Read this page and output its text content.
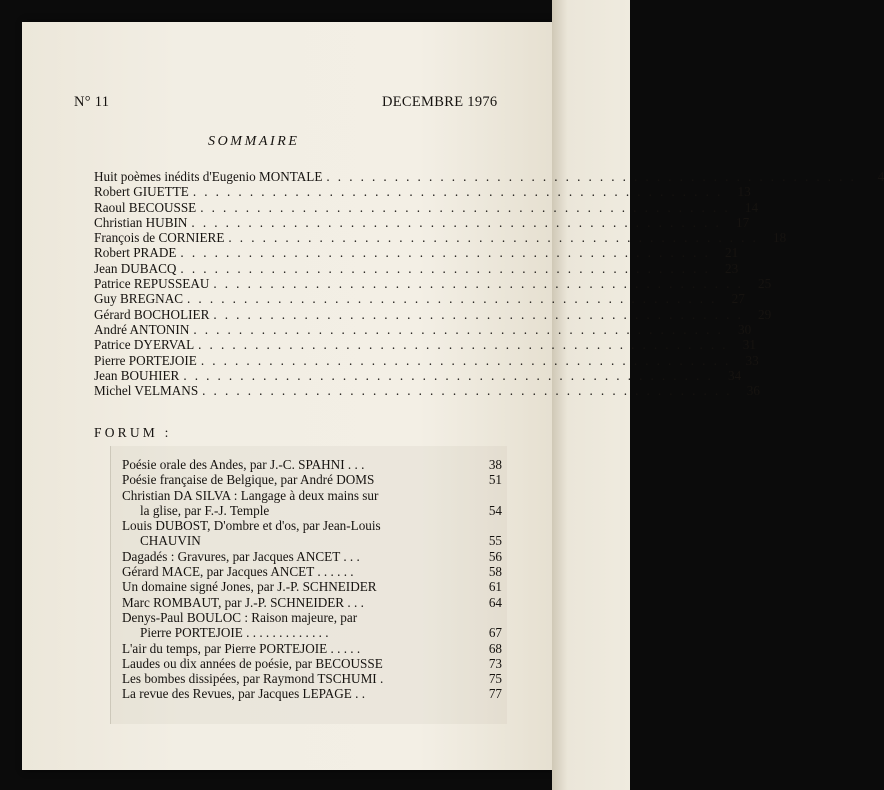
N° 11	DECEMBRE 1976
SOMMAIRE
Huit poèmes inédits d'Eugenio MONTALE . . . . . . . . . . . . . . . . . . . . . . . . . . . . . . . . . . . . . . . . . . . . . . .	4
Robert GIUETTE . . . . . . . . . . . . . . . . . . . . . . . . . . . . . . . . . . . . . . . . . . . . . . .	13
Raoul BECOUSSE . . . . . . . . . . . . . . . . . . . . . . . . . . . . . . . . . . . . . . . . . . . . . . .	14
Christian HUBIN . . . . . . . . . . . . . . . . . . . . . . . . . . . . . . . . . . . . . . . . . . . . . . .	17
François de CORNIERE . . . . . . . . . . . . . . . . . . . . . . . . . . . . . . . . . . . . . . . . . . . . . . .	18
Robert PRADE . . . . . . . . . . . . . . . . . . . . . . . . . . . . . . . . . . . . . . . . . . . . . . .	21
Jean DUBACQ . . . . . . . . . . . . . . . . . . . . . . . . . . . . . . . . . . . . . . . . . . . . . . .	23
Patrice REPUSSEAU . . . . . . . . . . . . . . . . . . . . . . . . . . . . . . . . . . . . . . . . . . . . . . .	25
Guy BREGNAC . . . . . . . . . . . . . . . . . . . . . . . . . . . . . . . . . . . . . . . . . . . . . . .	27
Gérard BOCHOLIER . . . . . . . . . . . . . . . . . . . . . . . . . . . . . . . . . . . . . . . . . . . . . . .	29
André ANTONIN . . . . . . . . . . . . . . . . . . . . . . . . . . . . . . . . . . . . . . . . . . . . . . .	30
Patrice DYERVAL . . . . . . . . . . . . . . . . . . . . . . . . . . . . . . . . . . . . . . . . . . . . . . .	31
Pierre PORTEJOIE . . . . . . . . . . . . . . . . . . . . . . . . . . . . . . . . . . . . . . . . . . . . . . .	33
Jean BOUHIER . . . . . . . . . . . . . . . . . . . . . . . . . . . . . . . . . . . . . . . . . . . . . . .	34
Michel VELMANS . . . . . . . . . . . . . . . . . . . . . . . . . . . . . . . . . . . . . . . . . . . . . . .	36
FORUM :
Poésie orale des Andes, par J.-C. SPAHNI . . .	38
Poésie française de Belgique, par André DOMS	51
Christian DA SILVA : Langage à deux mains sur
la glise, par F.-J. Temple	54
Louis DUBOST, D'ombre et d'os, par Jean-Louis
CHAUVIN	55
Dagadés : Gravures, par Jacques ANCET . . .	56
Gérard MACE, par Jacques ANCET . . . . . .	58
Un domaine signé Jones, par J.-P. SCHNEIDER	61
Marc ROMBAUT, par J.-P. SCHNEIDER . . .	64
Denys-Paul BOULOC : Raison majeure, par
Pierre PORTEJOIE . . . . . . . . . . . . .	67
L'air du temps, par Pierre PORTEJOIE . . . . .	68
Laudes ou dix années de poésie, par BECOUSSE	73
Les bombes dissipées, par Raymond TSCHUMI .	75
La revue des Revues, par Jacques LEPAGE . .	77
